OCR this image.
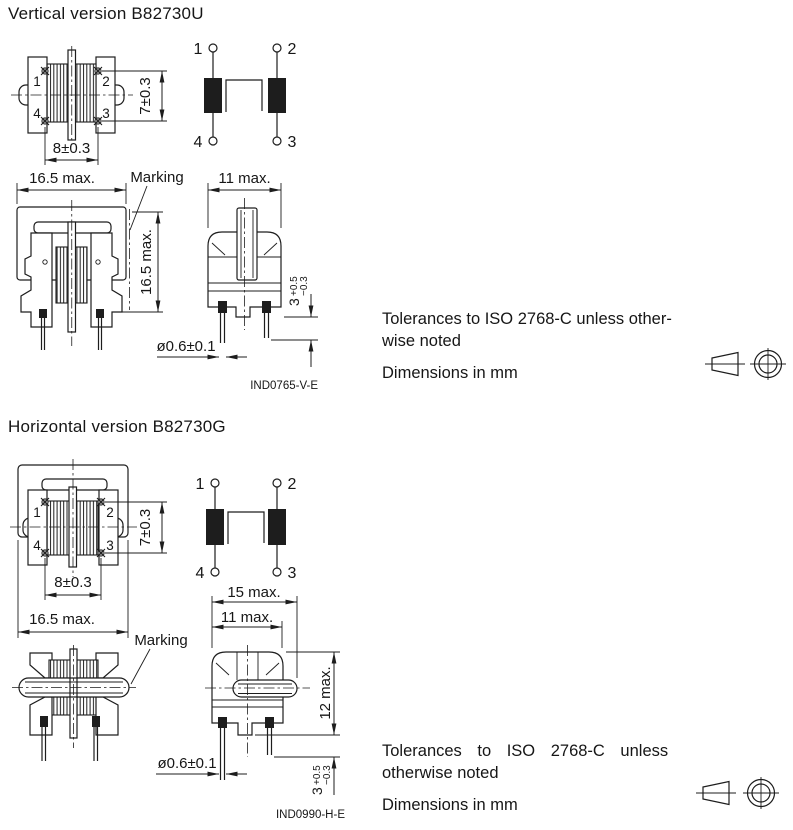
Vertical version B82730U
Horizontal version B82730G

Tolerances to ISO 2768-C unless other-
wise noted

Dimensions in mm

Tolerances to ISO 2768-C unless
otherwise noted

Dimensions in mm

1	2
4	3 7±0.3
8±0.3
1	2
4	3
16.5 max. Marking
16.5 max.
11 max.
3
+0.5 −0.3
ø0.6±0.1
IND0765-V-E
1	2
4	3 7±0.3
8±0.3
16.5 max.
1	2
4	3
Marking
15 max.
11 max.
12 max.
3
+0.5 −0.3
ø0.6±0.1
IND0990-H-E
